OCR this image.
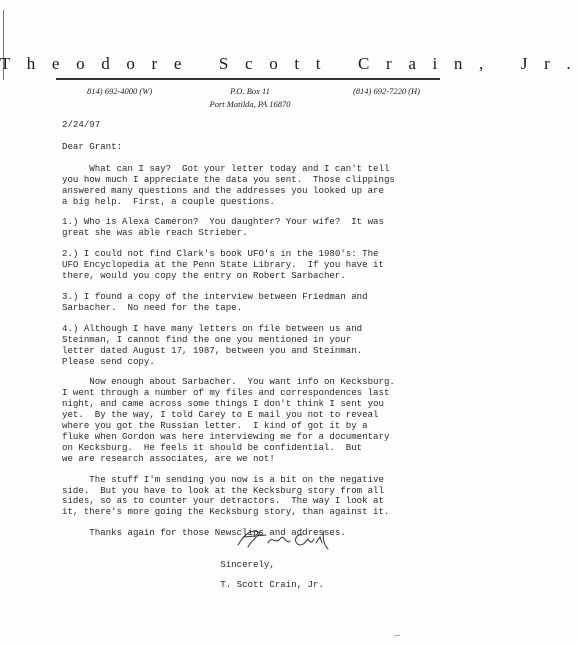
T h e o d o r e   S c o t t   C r a i n ,   J r .
814) 692-4000 (W)	P.O. Box 11	(814) 692-7220 (H)
Port Matilda, PA 16870

2/24/97

Dear Grant:

What can I say?  Got your letter today and I can't tell

you how much I appreciate the data you sent.  Those clippings

answered many questions and the addresses you looked up are

a big help.  First, a couple questions.

1.) Who is Alexa Cameron?  You daughter? Your wife?  It was

great she was able reach Strieber.

2.) I could not find Clark's book UFO's in the 1980's: The

UFO Encyclopedia at the Penn State Library.  If you have it

there, would you copy the entry on Robert Sarbacher.

3.) I found a copy of the interview between Friedman and

Sarbacher.  No need for the tape.

4.) Although I have many letters on file between us and

Steinman, I cannot find the one you mentioned in your

letter dated August 17, 1987, between you and Steinman.

Please send copy.

Now enough about Sarbacher.  You want info on Kecksburg.

I went through a number of my files and correspondences last

night, and came across some things I don't think I sent you

yet.  By the way, I told Carey to E mail you not to reveal

where you got the Russian letter.  I kind of got it by a

fluke when Gordon was here interviewing me for a documentary

on Kecksburg.  He feels it should be confidential.  But

we are research associates, are we not!

The stuff I'm sending you now is a bit on the negative

side.  But you have to look at the Kecksburg story from all

sides, so as to counter your detractors.  The way I look at

it, there's more going the Kecksburg story, than against it.

Thanks again for those Newsclips and addresses.

Sincerely,

T. Scott Crain, Jr.
